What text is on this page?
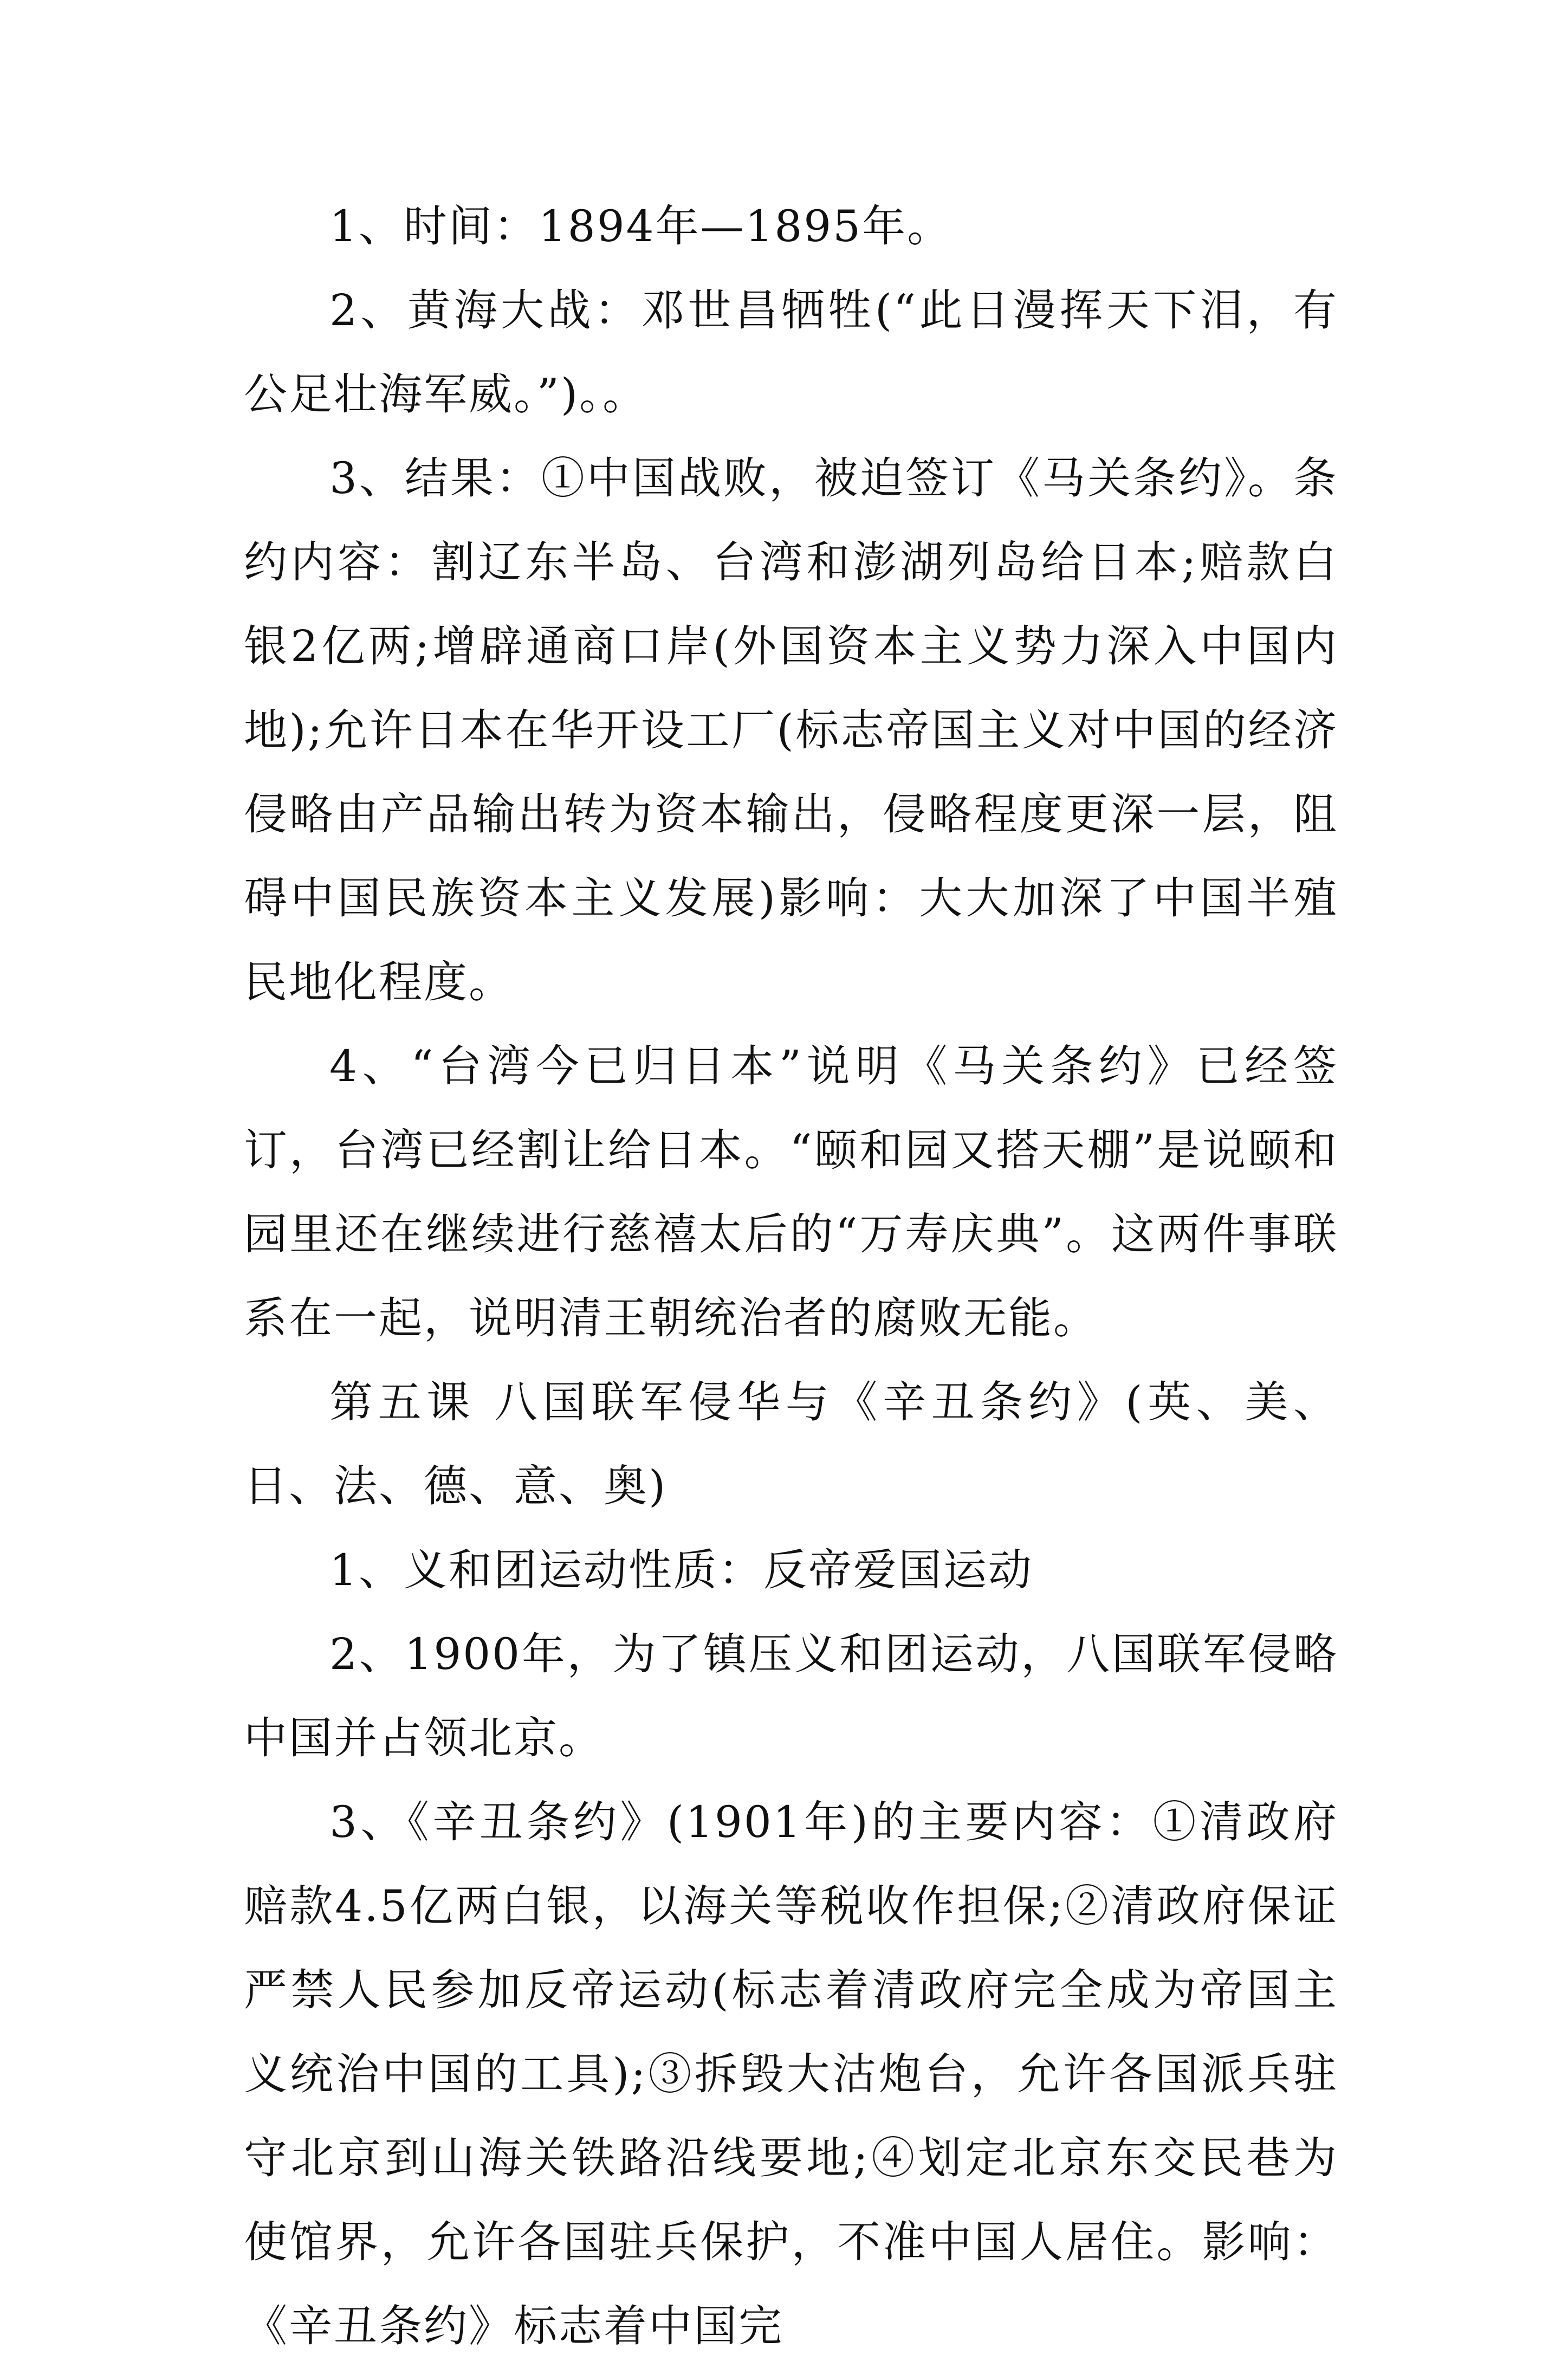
1、时间：1894年—1895年。

2、黄海大战：邓世昌牺牲(“此日漫挥天下泪，有公足壮海军威。”)。。

3、结果：①中国战败，被迫签订《马关条约》。条约内容：割辽东半岛、台湾和澎湖列岛给日本;赔款白银2亿两;增辟通商口岸(外国资本主义势力深入中国内地);允许日本在华开设工厂(标志帝国主义对中国的经济侵略由产品输出转为资本输出，侵略程度更深一层，阻碍中国民族资本主义发展)影响：大大加深了中国半殖民地化程度。

4、“台湾今已归日本”说明《马关条约》已经签订，台湾已经割让给日本。“颐和园又搭天棚”是说颐和园里还在继续进行慈禧太后的“万寿庆典”。这两件事联系在一起，说明清王朝统治者的腐败无能。

第五课 八国联军侵华与《辛丑条约》(英、美、日、法、德、意、奥)

1、义和团运动性质：反帝爱国运动

2、1900年，为了镇压义和团运动，八国联军侵略中国并占领北京。

3、《辛丑条约》(1901年)的主要内容：①清政府赔款4.5亿两白银，以海关等税收作担保;②清政府保证严禁人民参加反帝运动(标志着清政府完全成为帝国主义统治中国的工具);③拆毁大沽炮台，允许各国派兵驻守北京到山海关铁路沿线要地;④划定北京东交民巷为使馆界，允许各国驻兵保护，不准中国人居住。影响：《辛丑条约》标志着中国完
